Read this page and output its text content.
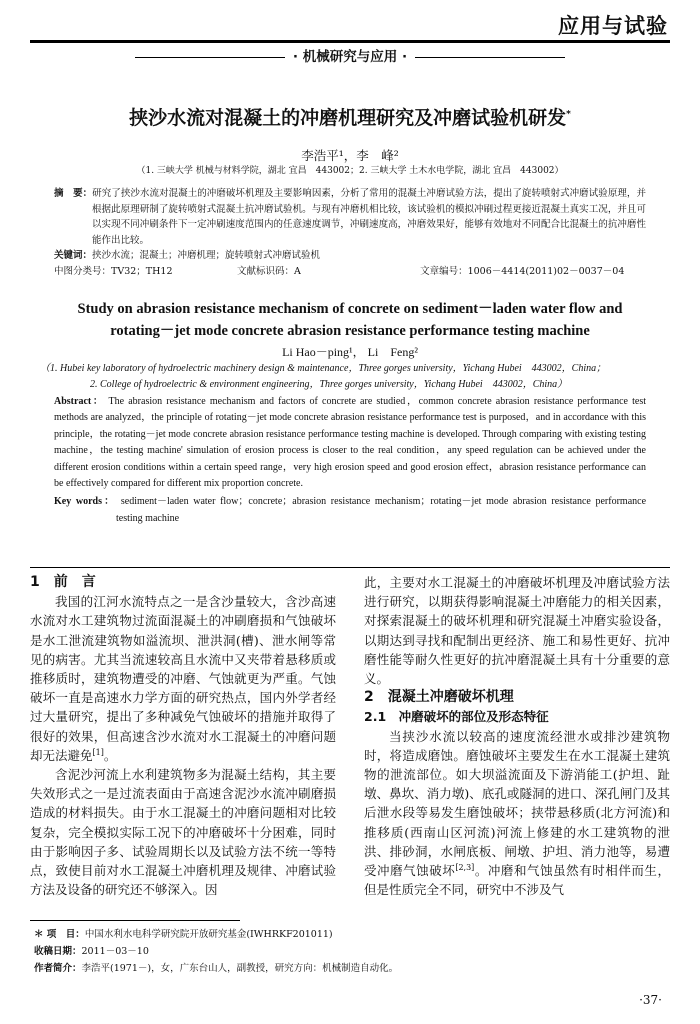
应用与试验
· 机械研究与应用 ·
挟沙水流对混凝土的冲磨机理研究及冲磨试验机研发*
李浩平¹，李　峰²
（1. 三峡大学 机械与材料学院，湖北 宜昌　443002；2. 三峡大学 土木水电学院，湖北 宜昌　443002）
摘　要：研究了挟沙水流对混凝土的冲磨破坏机理及主要影响因素，分析了常用的混凝土冲磨试验方法，提出了旋转喷射式冲磨试验原理，并根据此原理研制了旋转喷射式混凝土抗冲磨试验机。与现有冲磨机相比较，该试验机的模拟冲刷过程更接近混凝土真实工况，并且可以实现不同冲刷条件下一定冲刷速度范围内的任意速度调节，冲刷速度高，冲磨效果好，能够有效地对不同配合比混凝土的抗冲磨性能作出比较。
关键词：挟沙水流；混凝土；冲磨机理；旋转喷射式冲磨试验机
中图分类号：TV32；TH12	文献标识码：A	文章编号：1006－4414(2011)02－0037－04
Study on abrasion resistance mechanism of concrete on sediment－laden water flow and
rotating－jet mode concrete abrasion resistance performance testing machine
Li Hao－ping¹， Li　Feng²
（1. Hubei key laboratory of hydroelectric machinery design & maintenance，Three gorges university，Yichang Hubei　443002，China；
2. College of hydroelectric & environment engineering，Three gorges university，Yichang Hubei　443002，China）
Abstract： The abrasion resistance mechanism and factors of concrete are studied，common concrete abrasion resistance performance test methods are analyzed，the principle of rotating－jet mode concrete abrasion resistance performance test is purposed，and in accordance with this principle，the rotating－jet mode concrete abrasion resistance performance testing machine is developed. Through comparing with existing testing machine，the testing machine' simulation of erosion process is closer to the real condition，any speed regulation can be achieved under the different erosion conditions within a certain speed range，very high erosion speed and good erosion effect，abrasion resistance performance can be effectively compared for different mix proportion concrete.
Key words： sediment－laden water flow；concrete；abrasion resistance mechanism；rotating－jet mode abrasion resistance performance testing machine

1　前　言

我国的江河水流特点之一是含沙量较大，含沙高速水流对水工建筑物过流面混凝土的冲刷磨损和气蚀破坏是水工泄流建筑物如溢流坝、泄洪洞(槽)、泄水闸等常见的病害。尤其当流速较高且水流中又夹带着悬移质或推移质时，建筑物遭受的冲磨、气蚀就更为严重。气蚀破坏一直是高速水力学方面的研究热点，国内外学者经过大量研究，提出了多种减免气蚀破坏的措施并取得了很好的效果，但高速含沙水流对水工混凝土的冲磨问题却无法避免[1]。

含泥沙河流上水利建筑物多为混凝土结构，其主要失效形式之一是过流表面由于高速含泥沙水流冲刷磨损造成的材料损失。由于水工混凝土的冲磨问题相对比较复杂，完全模拟实际工况下的冲磨破坏十分困难，同时由于影响因子多、试验周期长以及试验方法不统一等特点，致使目前对水工混凝土冲磨机理及规律、冲磨试验方法及设备的研究还不够深入。因

此，主要对水工混凝土的冲磨破坏机理及冲磨试验方法进行研究，以期获得影响混凝土冲磨能力的相关因素，对探索混凝土的破坏机理和研究混凝土冲磨实验设备，以期达到寻找和配制出更经济、施工和易性更好、抗冲磨性能等耐久性更好的抗冲磨混凝土具有十分重要的意义。

2　混凝土冲磨破坏机理

2.1　冲磨破坏的部位及形态特征

当挟沙水流以较高的速度流经泄水或排沙建筑物时，将造成磨蚀。磨蚀破坏主要发生在水工混凝土建筑物的泄流部位。如大坝溢流面及下游消能工(护坦、趾墩、鼻坎、消力墩)、底孔或隧洞的进口、深孔闸门及其后泄水段等易发生磨蚀破坏；挟带悬移质(北方河流)和推移质(西南山区河流)河流上修建的水工建筑物的泄洪、排砂洞，水闸底板、闸墩、护坦、消力池等，易遭受冲磨气蚀破坏[2,3]。冲磨和气蚀虽然有时相伴而生，但是性质完全不同，研究中不涉及气

＊ 项　目：中国水利水电科学研究院开放研究基金(IWHRKF201011)
收稿日期：2011－03－10
作者简介：李浩平(1971－)，女，广东台山人，副教授，研究方向：机械制造自动化。
·37·
